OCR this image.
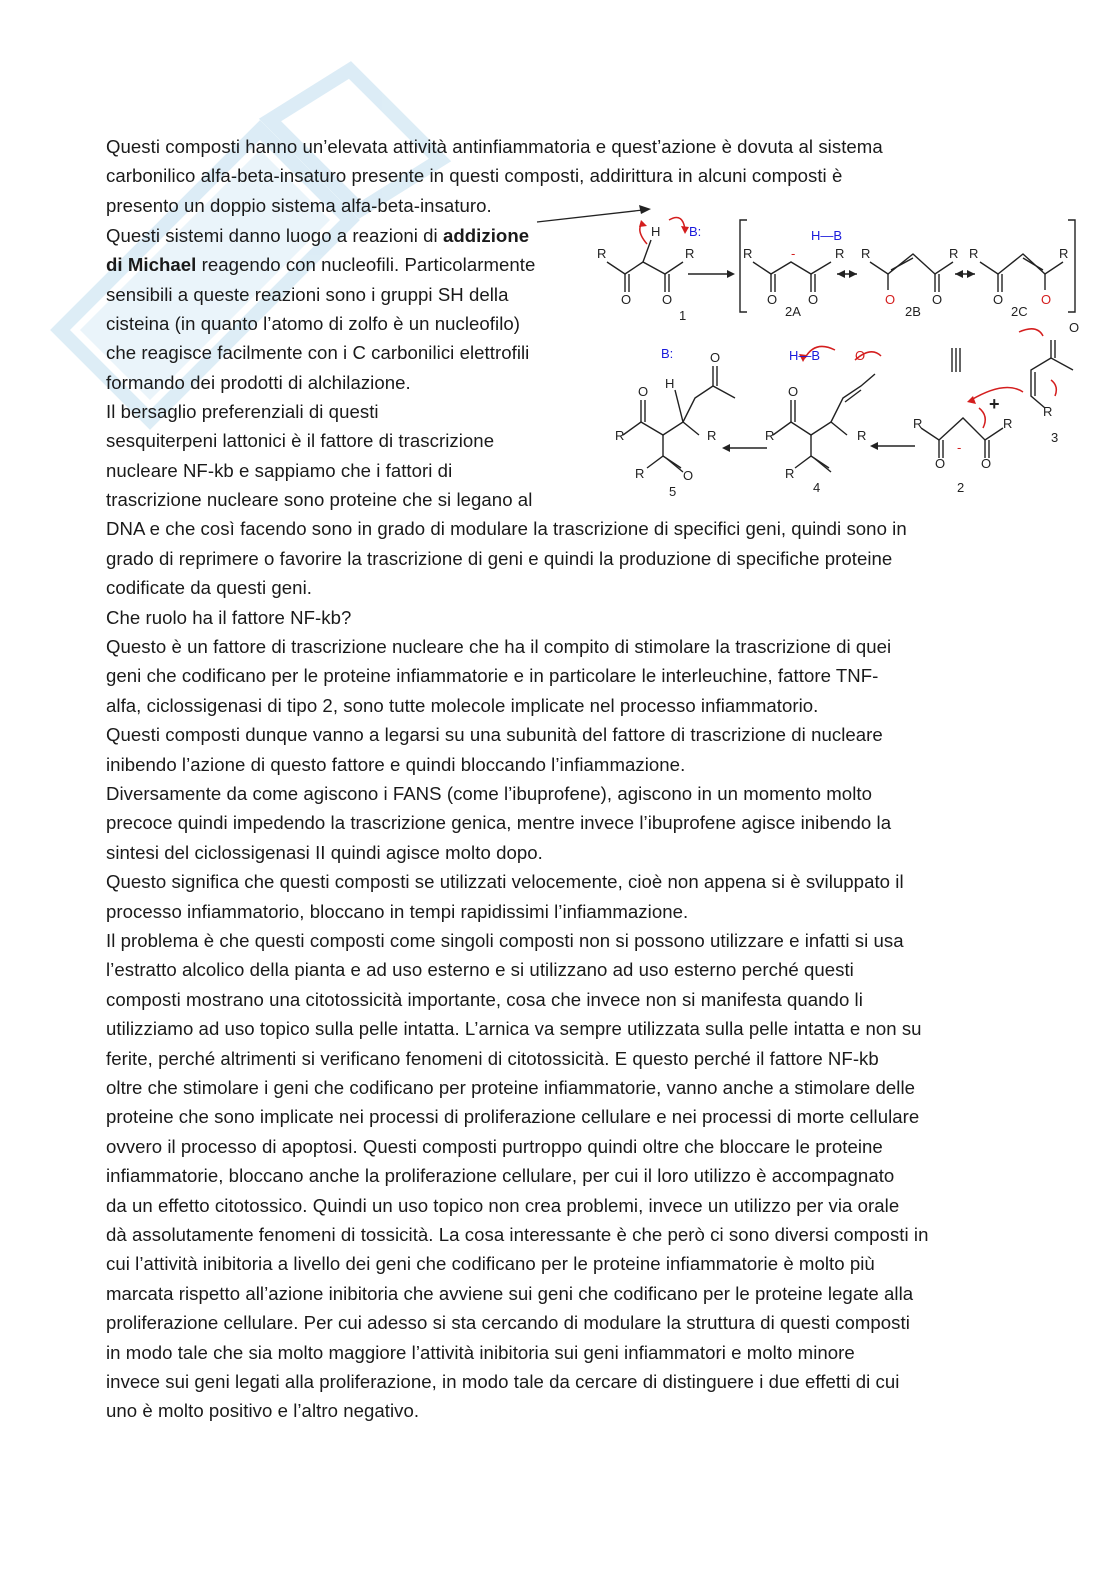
Questi composti hanno un’elevata attività antinfiammatoria e quest’azione è dovuta al sistema
carbonilico alfa-beta-insaturo presente in questi composti, addirittura in alcuni composti è
presento un doppio sistema alfa-beta-insaturo.
Questi sistemi danno luogo a reazioni di addizione
di Michael reagendo con nucleofili. Particolarmente
sensibili a queste reazioni sono i gruppi SH della
cisteina (in quanto l’atomo di zolfo è un nucleofilo)
che reagisce facilmente con i C carbonilici elettrofili
formando dei prodotti di alchilazione.
Il bersaglio preferenziali di questi
sesquiterpeni lattonici è il fattore di trascrizione
nucleare NF-kb e sappiamo che i fattori di
trascrizione nucleare sono proteine che si legano al
DNA e che così facendo sono in grado di modulare la trascrizione di specifici geni, quindi sono in
grado di reprimere o favorire la trascrizione di geni e quindi la produzione di specifiche proteine
codificate da questi geni.
Che ruolo ha il fattore NF-kb?
Questo è un fattore di trascrizione nucleare che ha il compito di stimolare la trascrizione di quei
geni che codificano per le proteine infiammatorie e in particolare le interleuchine, fattore TNF-
alfa, ciclossigenasi di tipo 2, sono tutte molecole implicate nel processo infiammatorio.
Questi composti dunque vanno a legarsi su una subunità del fattore di trascrizione di nucleare
inibendo l’azione di questo fattore e quindi bloccando l’infiammazione.
Diversamente da come agiscono i FANS (come l’ibuprofene), agiscono in un momento molto
precoce quindi impedendo la trascrizione genica, mentre invece l’ibuprofene agisce inibendo la
sintesi del ciclossigenasi II quindi agisce molto dopo.
Questo significa che questi composti se utilizzati velocemente, cioè non appena si è sviluppato il
processo infiammatorio, bloccano in tempi rapidissimi l’infiammazione.
Il problema è che questi composti come singoli composti non si possono utilizzare e infatti si usa
l’estratto alcolico della pianta e ad uso esterno e si utilizzano ad uso esterno perché questi
composti mostrano una citotossicità importante, cosa che invece non si manifesta quando li
utilizziamo ad uso topico sulla pelle intatta. L’arnica va sempre utilizzata sulla pelle intatta e non su
ferite, perché altrimenti si verificano fenomeni di citotossicità. E questo perché il fattore NF-kb
oltre che stimolare i geni che codificano per proteine infiammatorie, vanno anche a stimolare delle
proteine che sono implicate nei processi di proliferazione cellulare e nei processi di morte cellulare
ovvero il processo di apoptosi. Questi composti purtroppo quindi oltre che bloccare le proteine
infiammatorie, bloccano anche la proliferazione cellulare, per cui il loro utilizzo è accompagnato
da un effetto citotossico. Quindi un uso topico non crea problemi, invece un utilizzo per via orale
dà assolutamente fenomeni di tossicità. La cosa interessante è che però ci sono diversi composti in
cui l’attività inibitoria a livello dei geni che codificano per le proteine infiammatorie è molto più
marcata rispetto all’azione inibitoria che avviene sui geni che codificano per le proteine legate alla
proliferazione cellulare. Per cui adesso si sta cercando di modulare la struttura di questi composti
in modo tale che sia molto maggiore l’attività inibitoria sui geni infiammatori e molto minore
invece sui geni legati alla proliferazione, in modo tale da cercare di distinguere i due effetti di cui
uno è molto positivo e l’altro negativo.
R	R
O O
H
1
R	R
O O
2A
R	R
O
2B
R	R
O
2C
O
R
3
R	R
O	O
2
R	R
O
R
4
R	R
O
R	O
O
H
5
+
B:	H—B
B:	H—B
-
O	O
O
-
